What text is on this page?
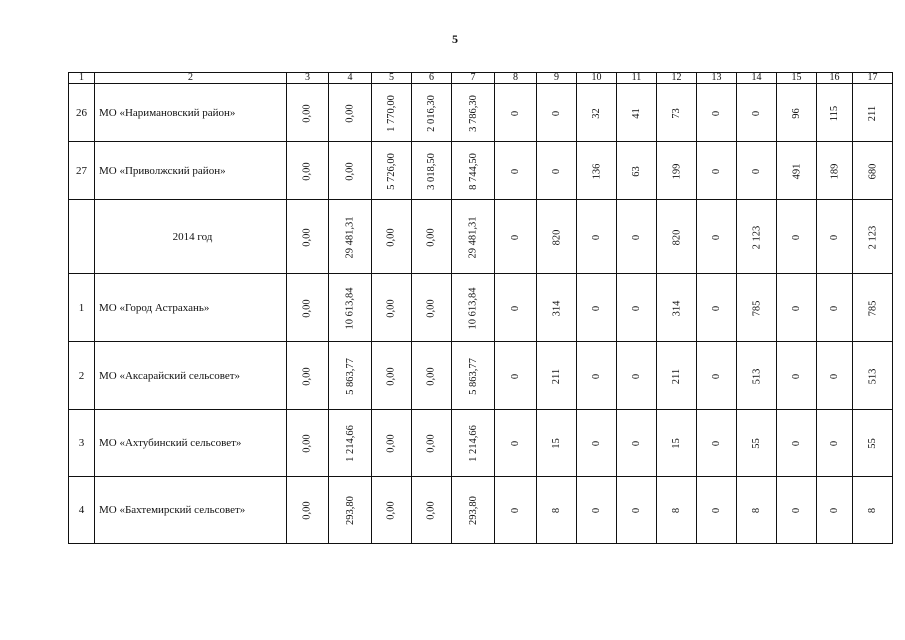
5
1	2	3	4	5	6	7	8	9	10	11	12	13	14	15	16	17
26	МО «Наримановский район»	0,00	0,00	1 770,00	2 016,30	3 786,30	0	0	32	41	73	0	0	96	115	211
27	МО «Приволжский район»	0,00	0,00	5 726,00	3 018,50	8 744,50	0	0	136	63	199	0	0	491	189	680
	2014 год	0,00	29 481,31	0,00	0,00	29 481,31	0	820	0	0	820	0	2 123	0	0	2 123
1	МО «Город Астрахань»	0,00	10 613,84	0,00	0,00	10 613,84	0	314	0	0	314	0	785	0	0	785
2	МО «Аксарайский сельсовет»	0,00	5 863,77	0,00	0,00	5 863,77	0	211	0	0	211	0	513	0	0	513
3	МО «Ахтубинский сельсовет»	0,00	1 214,66	0,00	0,00	1 214,66	0	15	0	0	15	0	55	0	0	55
4	МО «Бахтемирский сельсовет»	0,00	293,80	0,00	0,00	293,80	0	8	0	0	8	0	8	0	0	8
